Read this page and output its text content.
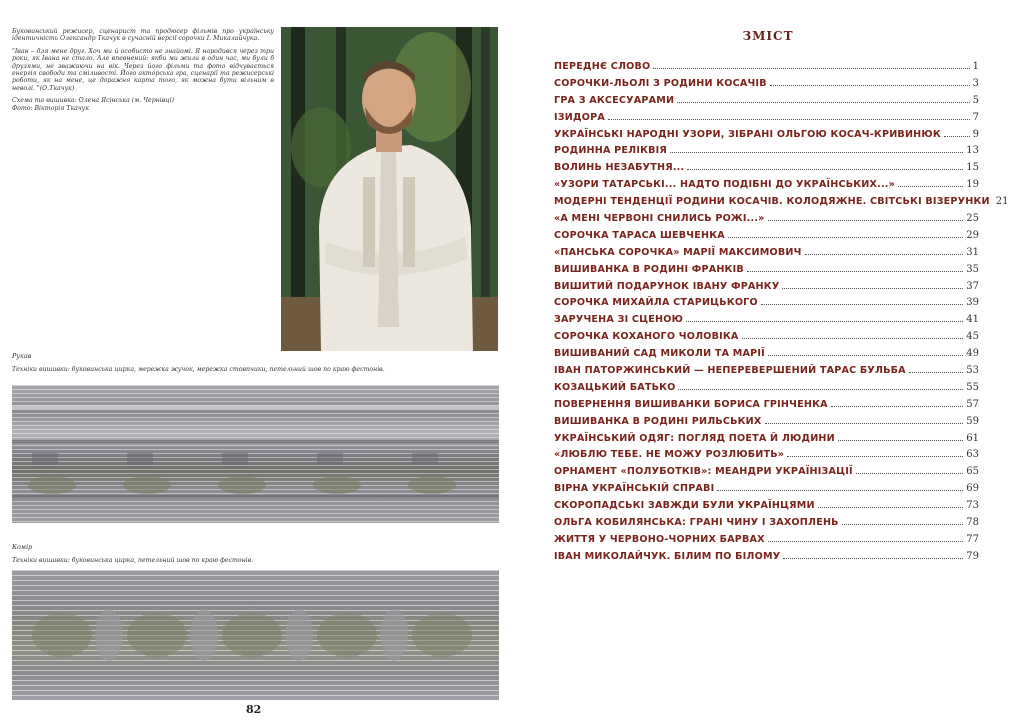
Буковинський режисер, сценарист та продюсер фільмів про українську ідентичність Олександр Ткачук в сучасній версії сорочки І. Микалайчука.

"Іван – для мене друг. Хоч ми й особисто не знайомі. Я народився через три роки, як Івана не стало. Але впевнений: якби ми жили в один час, ми були б друзями, не зважаючи на вік. Через його фільми та фото відчувається енергія свободи та сміливості. Його акторська гра, сценарії та режисерські роботи, як на мене, це доражня карта того, як можна бути вільним в неволі. "(О.Ткачук)

Схема та вишивка: Олена Ясінська (м. Чернівці)

Фото: Вікторія Ткачук

Рукав
Техніки вишивки: буковинська цирка, мережка жучок, мережка стовпчики, петельний шов по краю фестонів.
Комір
Техніки вишивки: буковинська цирка, петельний шов по краю фестонів.
82
ЗМІСТ
ПЕРЕДНЄ СЛОВО	1
СОРОЧКИ-ЛЬОЛІ З РОДИНИ КОСАЧІВ	3
ГРА З АКСЕСУАРАМИ	5
ІЗИДОРА	7
УКРАЇНСЬКІ НАРОДНІ УЗОРИ, ЗІБРАНІ ОЛЬГОЮ КОСАЧ-КРИВИНЮК	9
РОДИННА РЕЛІКВІЯ	13
ВОЛИНЬ НЕЗАБУТНЯ...	15
«УЗОРИ ТАТАРСЬКІ... НАДТО ПОДІБНІ ДО УКРАЇНСЬКИХ...»	19
МОДЕРНІ ТЕНДЕНЦІЇ РОДИНИ КОСАЧІВ. КОЛОДЯЖНЕ. СВІТСЬКІ ВІЗЕРУНКИ 21
«А МЕНІ ЧЕРВОНІ СНИЛИСЬ РОЖІ...»	25
СОРОЧКА ТАРАСА ШЕВЧЕНКА	29
«ПАНСЬКА СОРОЧКА» МАРІЇ МАКСИМОВИЧ	31
ВИШИВАНКА В РОДИНІ ФРАНКІВ	35
ВИШИТИЙ ПОДАРУНОК ІВАНУ ФРАНКУ	37
СОРОЧКА МИХАЙЛА СТАРИЦЬКОГО	39
ЗАРУЧЕНА ЗІ СЦЕНОЮ	41
СОРОЧКА КОХАНОГО ЧОЛОВІКА	45
ВИШИВАНИЙ САД МИКОЛИ ТА МАРІЇ	49
ІВАН ПАТОРЖИНСЬКИЙ — НЕПЕРЕВЕРШЕНИЙ ТАРАС БУЛЬБА	53
КОЗАЦЬКИЙ БАТЬКО	55
ПОВЕРНЕННЯ ВИШИВАНКИ БОРИСА ГРІНЧЕНКА	57
ВИШИВАНКА В РОДИНІ РИЛЬСЬКИХ	59
УКРАЇНСЬКИЙ ОДЯГ: ПОГЛЯД ПОЕТА Й ЛЮДИНИ	61
«ЛЮБЛЮ ТЕБЕ. НЕ МОЖУ РОЗЛЮБИТЬ»	63
ОРНАМЕНТ «ПОЛУБОТКІВ»: МЕАНДРИ УКРАЇНІЗАЦІЇ	65
ВІРНА УКРАЇНСЬКІЙ СПРАВІ	69
СКОРОПАДСЬКІ ЗАВЖДИ БУЛИ УКРАЇНЦЯМИ	73
ОЛЬГА КОБИЛЯНСЬКА: ГРАНІ ЧИНУ І ЗАХОПЛЕНЬ	78
ЖИТТЯ У ЧЕРВОНО-ЧОРНИХ БАРВАХ	77
ІВАН МИКОЛАЙЧУК. БІЛИМ ПО БІЛОМУ	79
